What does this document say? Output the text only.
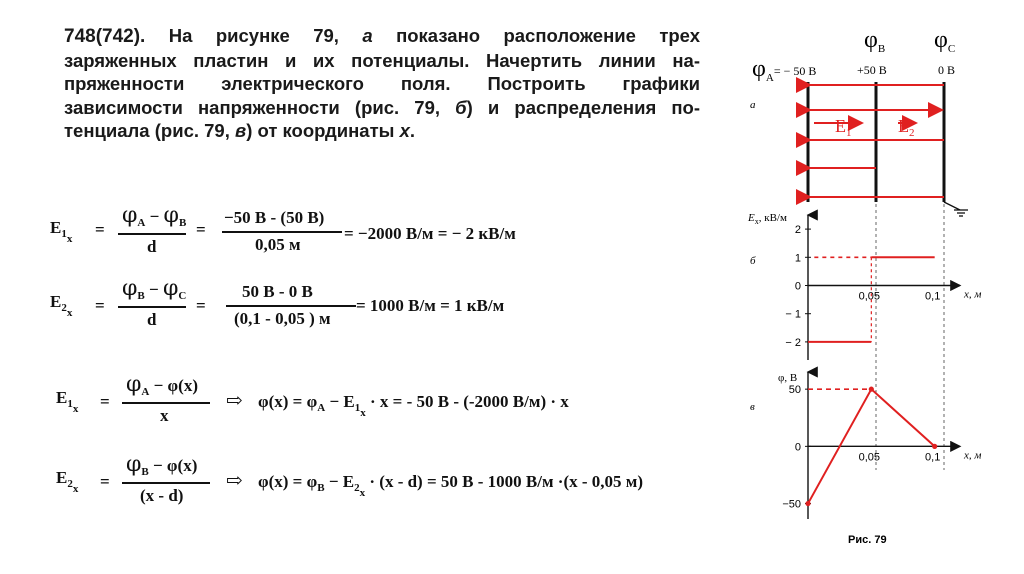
748(742). На рисунке 79, а показано расположение трех
заряженных пластин и их потенциалы. Начертить линии на-
пряженности электрического поля. Построить графики
зависимости напряженности (рис. 79, б) и распределения по-
тенциала (рис. 79, в) от координаты x.
$E_{1x}$ =
$\varphi_A - \varphi_B$
d
=
−50 В - (50 В)
0,05 м
= −2000 В/м = − 2 кВ/м
$E_{2x}$ =
$\varphi_B - \varphi_C$
d
=
50 В - 0 В
(0,1 - 0,05 ) м
= 1000 В/м = 1 кВ/м
$E_{1x}$ =
$\varphi_A - \varphi(x)$
x
⇨ $\varphi(x) = \varphi_A - E_{1x} \cdot x$ = - 50 В - (-2000 В/м) · x
$E_{2x}$ =
$\varphi_B - \varphi(x)$
(x - d)
⇨ $\varphi(x) = \varphi_B - E_{2x} \cdot (x - d) = 50$ В - 1000 В/м ·(x - 0,05 м)
$\varphi_A^{= - 50 В}$
$\varphi_B$
+50 В
$\varphi_C$
0 В
а
б
в
$E_1$	$E_2$
2
1
0
− 1
− 2
0,05	0,1 x, м
$E_x$, кВ/м
50
0
−50
0,05	0,1 x, м
φ, В
Рис. 79
